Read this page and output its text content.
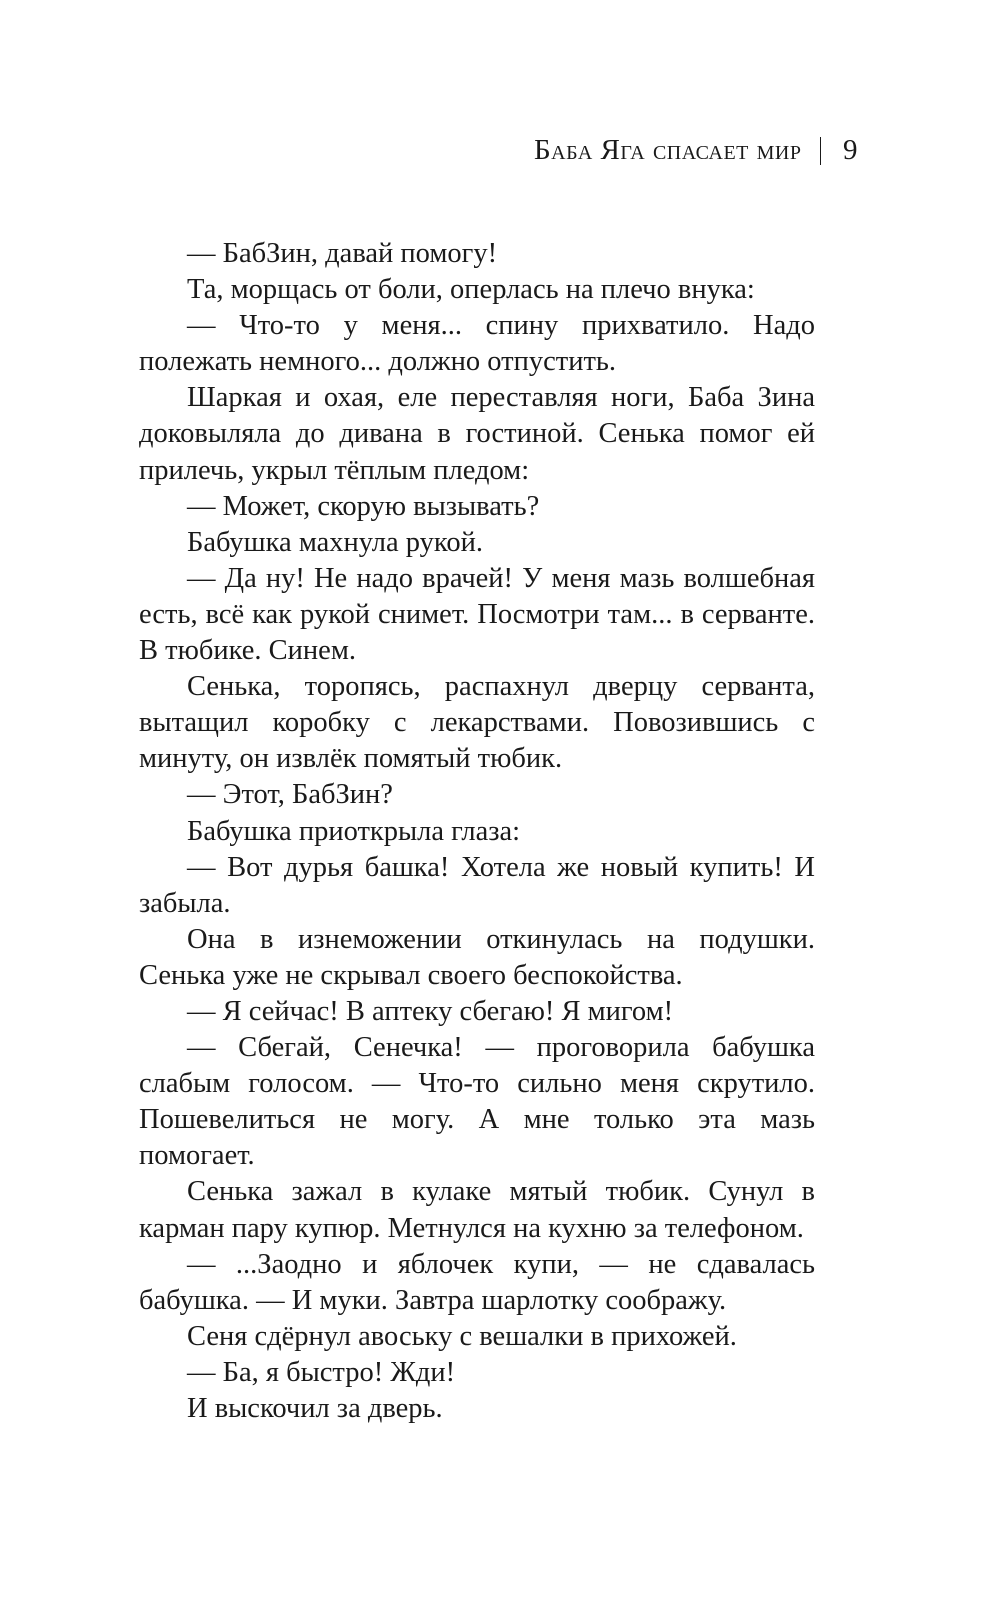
Баба Яга спасает мир 9

— БабЗин, давай помогу!

Та, морщась от боли, оперлась на плечо внука:

— Что-то у меня... спину прихватило. Надо полежать немного... должно отпустить.

Шаркая и охая, еле переставляя ноги, Баба Зина доковыляла до дивана в гостиной. Сенька помог ей прилечь, укрыл тёплым пледом:

— Может, скорую вызывать?

Бабушка махнула рукой.

— Да ну! Не надо врачей! У меня мазь волшебная есть, всё как рукой снимет. Посмотри там... в серванте. В тюбике. Синем.

Сенька, торопясь, распахнул дверцу серванта, вытащил коробку с лекарствами. Повозившись с минуту, он извлёк помятый тюбик.

— Этот, БабЗин?

Бабушка приоткрыла глаза:

— Вот дурья башка! Хотела же новый купить! И забыла.

Она в изнеможении откинулась на подушки. Сенька уже не скрывал своего беспокойства.

— Я сейчас! В аптеку сбегаю! Я мигом!

— Сбегай, Сенечка! — проговорила бабушка слабым голосом. — Что-то сильно меня скрутило. Пошевелиться не могу. А мне только эта мазь помогает.

Сенька зажал в кулаке мятый тюбик. Сунул в карман пару купюр. Метнулся на кухню за телефоном.

— ...Заодно и яблочек купи, — не сдавалась бабушка. — И муки. Завтра шарлотку соображу.

Сеня сдёрнул авоську с вешалки в прихожей.

— Ба, я быстро! Жди!

И выскочил за дверь.
